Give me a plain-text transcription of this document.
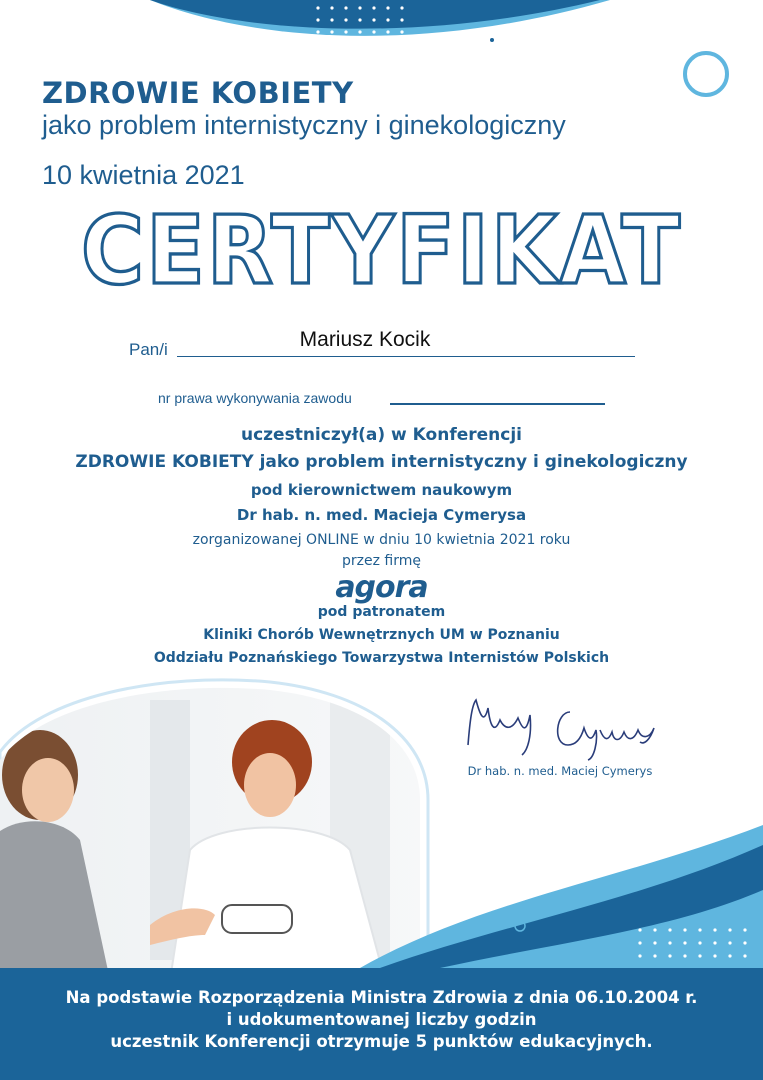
ZDROWIE KOBIETY
jako problem internistyczny i ginekologiczny
10 kwietnia 2021
CERTYFIKAT
Pan/i	Mariusz Kocik
nr prawa wykonywania zawodu
uczestniczył(a) w Konferencji
ZDROWIE KOBIETY jako problem internistyczny i ginekologiczny
pod kierownictwem naukowym
Dr hab. n. med. Macieja Cymerysa
zorganizowanej ONLINE w dniu 10 kwietnia 2021 roku
przez firmę
agora
pod patronatem
Kliniki Chorób Wewnętrznych UM w Poznaniu
Oddziału Poznańskiego Towarzystwa Internistów Polskich
Dr hab. n. med. Maciej Cymerys
Na podstawie Rozporządzenia Ministra Zdrowia z dnia 06.10.2004 r.
i udokumentowanej liczby godzin
uczestnik Konferencji otrzymuje 5 punktów edukacyjnych.
